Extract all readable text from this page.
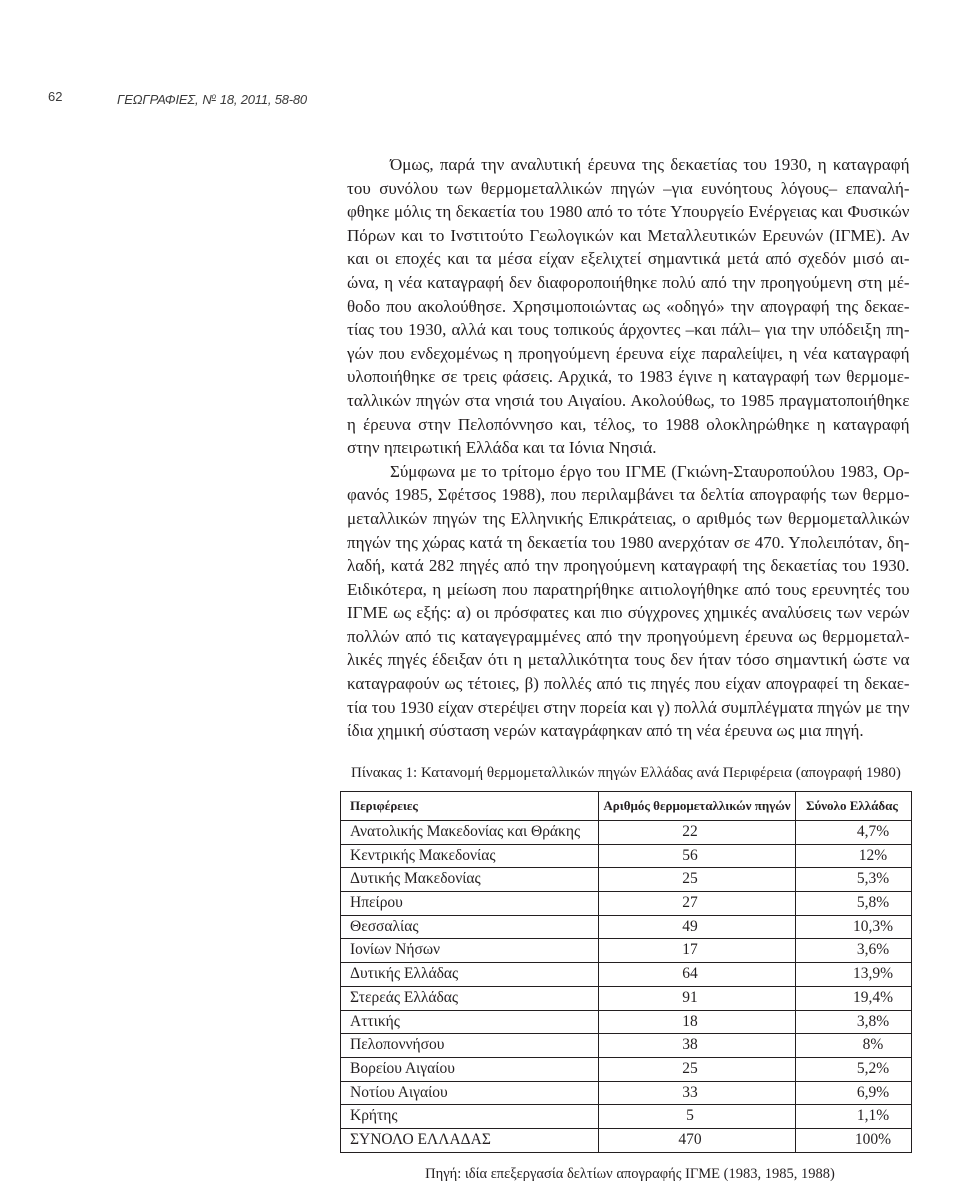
62	ΓΕΩΓΡΑΦΙΕΣ, $N^o$ 18, 2011, 58-80
Όμως, παρά την αναλυτική έρευνα της δεκαετίας του 1930, η καταγραφή
του συνόλου των θερμομεταλλικών πηγών –για ευνόητους λόγους– επαναλή-
φθηκε μόλις τη δεκαετία του 1980 από το τότε Υπουργείο Ενέργειας και Φυσικών
Πόρων και το Ινστιτούτο Γεωλογικών και Μεταλλευτικών Ερευνών (ΙΓΜΕ). Αν
και οι εποχές και τα μέσα είχαν εξελιχτεί σημαντικά μετά από σχεδόν μισό αι-
ώνα, η νέα καταγραφή δεν διαφοροποιήθηκε πολύ από την προηγούμενη στη μέ-
θοδο που ακολούθησε. Χρησιμοποιώντας ως «οδηγό» την απογραφή της δεκαε-
τίας του 1930, αλλά και τους τοπικούς άρχοντες –και πάλι– για την υπόδειξη πη-
γών που ενδεχομένως η προηγούμενη έρευνα είχε παραλείψει, η νέα καταγραφή
υλοποιήθηκε σε τρεις φάσεις. Αρχικά, το 1983 έγινε η καταγραφή των θερμομε-
ταλλικών πηγών στα νησιά του Αιγαίου. Ακολούθως, το 1985 πραγματοποιήθηκε
η έρευνα στην Πελοπόννησο και, τέλος, το 1988 ολοκληρώθηκε η καταγραφή
στην ηπειρωτική Ελλάδα και τα Ιόνια Νησιά.
Σύμφωνα με το τρίτομο έργο του ΙΓΜΕ (Γκιώνη-Σταυροπούλου 1983, Ορ-
φανός 1985, Σφέτσος 1988), που περιλαμβάνει τα δελτία απογραφής των θερμο-
μεταλλικών πηγών της Ελληνικής Επικράτειας, ο αριθμός των θερμομεταλλικών
πηγών της χώρας κατά τη δεκαετία του 1980 ανερχόταν σε 470. Υπολειπόταν, δη-
λαδή, κατά 282 πηγές από την προηγούμενη καταγραφή της δεκαετίας του 1930.
Ειδικότερα, η μείωση που παρατηρήθηκε αιτιολογήθηκε από τους ερευνητές του
ΙΓΜΕ ως εξής: α) οι πρόσφατες και πιο σύγχρονες χημικές αναλύσεις των νερών
πολλών από τις καταγεγραμμένες από την προηγούμενη έρευνα ως θερμομεταλ-
λικές πηγές έδειξαν ότι η μεταλλικότητα τους δεν ήταν τόσο σημαντική ώστε να
καταγραφούν ως τέτοιες, β) πολλές από τις πηγές που είχαν απογραφεί τη δεκαε-
τία του 1930 είχαν στερέψει στην πορεία και γ) πολλά συμπλέγματα πηγών με την
ίδια χημική σύσταση νερών καταγράφηκαν από τη νέα έρευνα ως μια πηγή.
Πίνακας 1: Κατανομή θερμομεταλλικών πηγών Ελλάδας ανά Περιφέρεια (απογραφή 1980)
Περιφέρειες	Αριθμός θερμομεταλλικών πηγών	Σύνολο Ελλάδας
Ανατολικής Μακεδονίας και Θράκης	22	4,7%
Κεντρικής Μακεδονίας	56	12%
Δυτικής Μακεδονίας	25	5,3%
Ηπείρου	27	5,8%
Θεσσαλίας	49	10,3%
Ιονίων Νήσων	17	3,6%
Δυτικής Ελλάδας	64	13,9%
Στερεάς Ελλάδας	91	19,4%
Αττικής	18	3,8%
Πελοποννήσου	38	8%
Βορείου Αιγαίου	25	5,2%
Νοτίου Αιγαίου	33	6,9%
Κρήτης	5	1,1%
ΣΥΝΟΛΟ ΕΛΛΑΔΑΣ	470	100%
Πηγή: ιδία επεξεργασία δελτίων απογραφής ΙΓΜΕ (1983, 1985, 1988)
